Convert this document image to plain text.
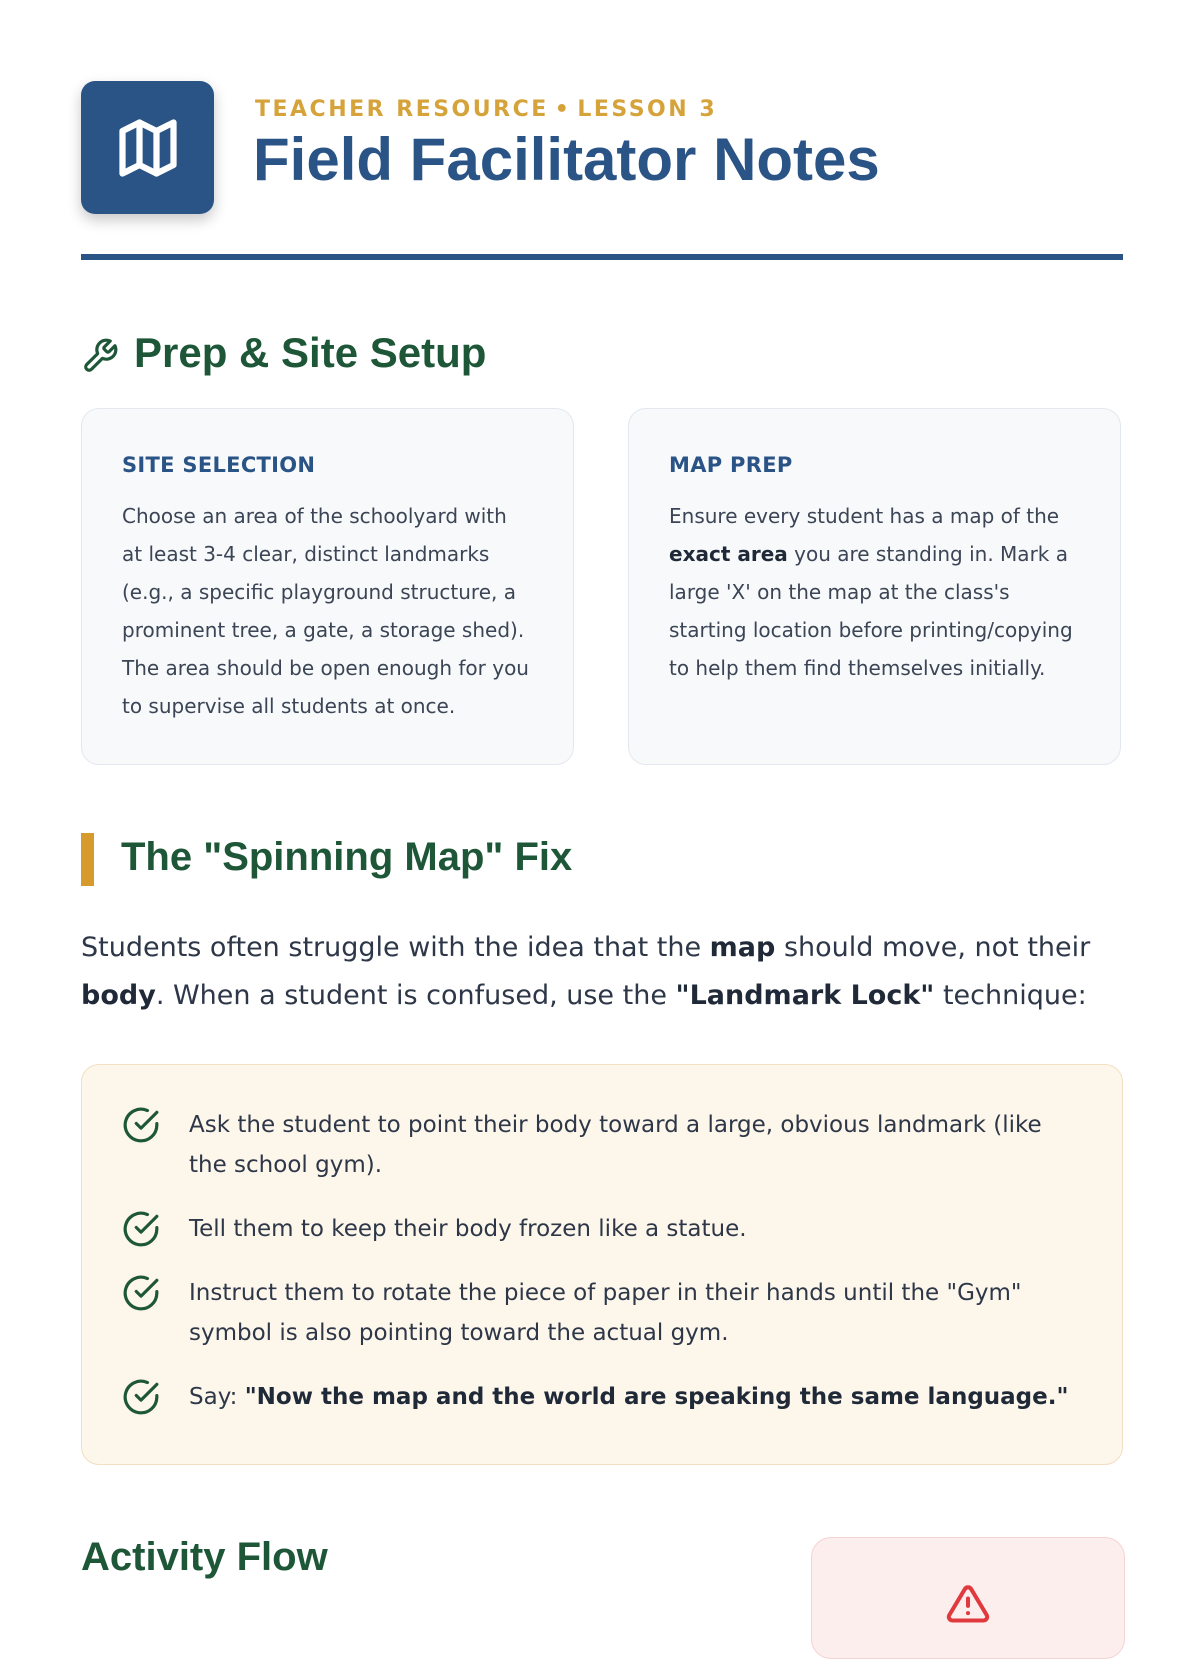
TEACHER RESOURCE • LESSON 3
Field Facilitator Notes
Prep & Site Setup
SITE SELECTION
Choose an area of the schoolyard with at least 3-4 clear, distinct landmarks (e.g., a specific playground structure, a prominent tree, a gate, a storage shed). The area should be open enough for you to supervise all students at once.
MAP PREP
Ensure every student has a map of the exact area you are standing in. Mark a large 'X' on the map at the class's starting location before printing/copying to help them find themselves initially.
The "Spinning Map" Fix
Students often struggle with the idea that the map should move, not their body. When a student is confused, use the "Landmark Lock" technique:
Ask the student to point their body toward a large, obvious landmark (like the school gym).
Tell them to keep their body frozen like a statue.
Instruct them to rotate the piece of paper in their hands until the "Gym" symbol is also pointing toward the actual gym.
Say: "Now the map and the world are speaking the same language."
Activity Flow
